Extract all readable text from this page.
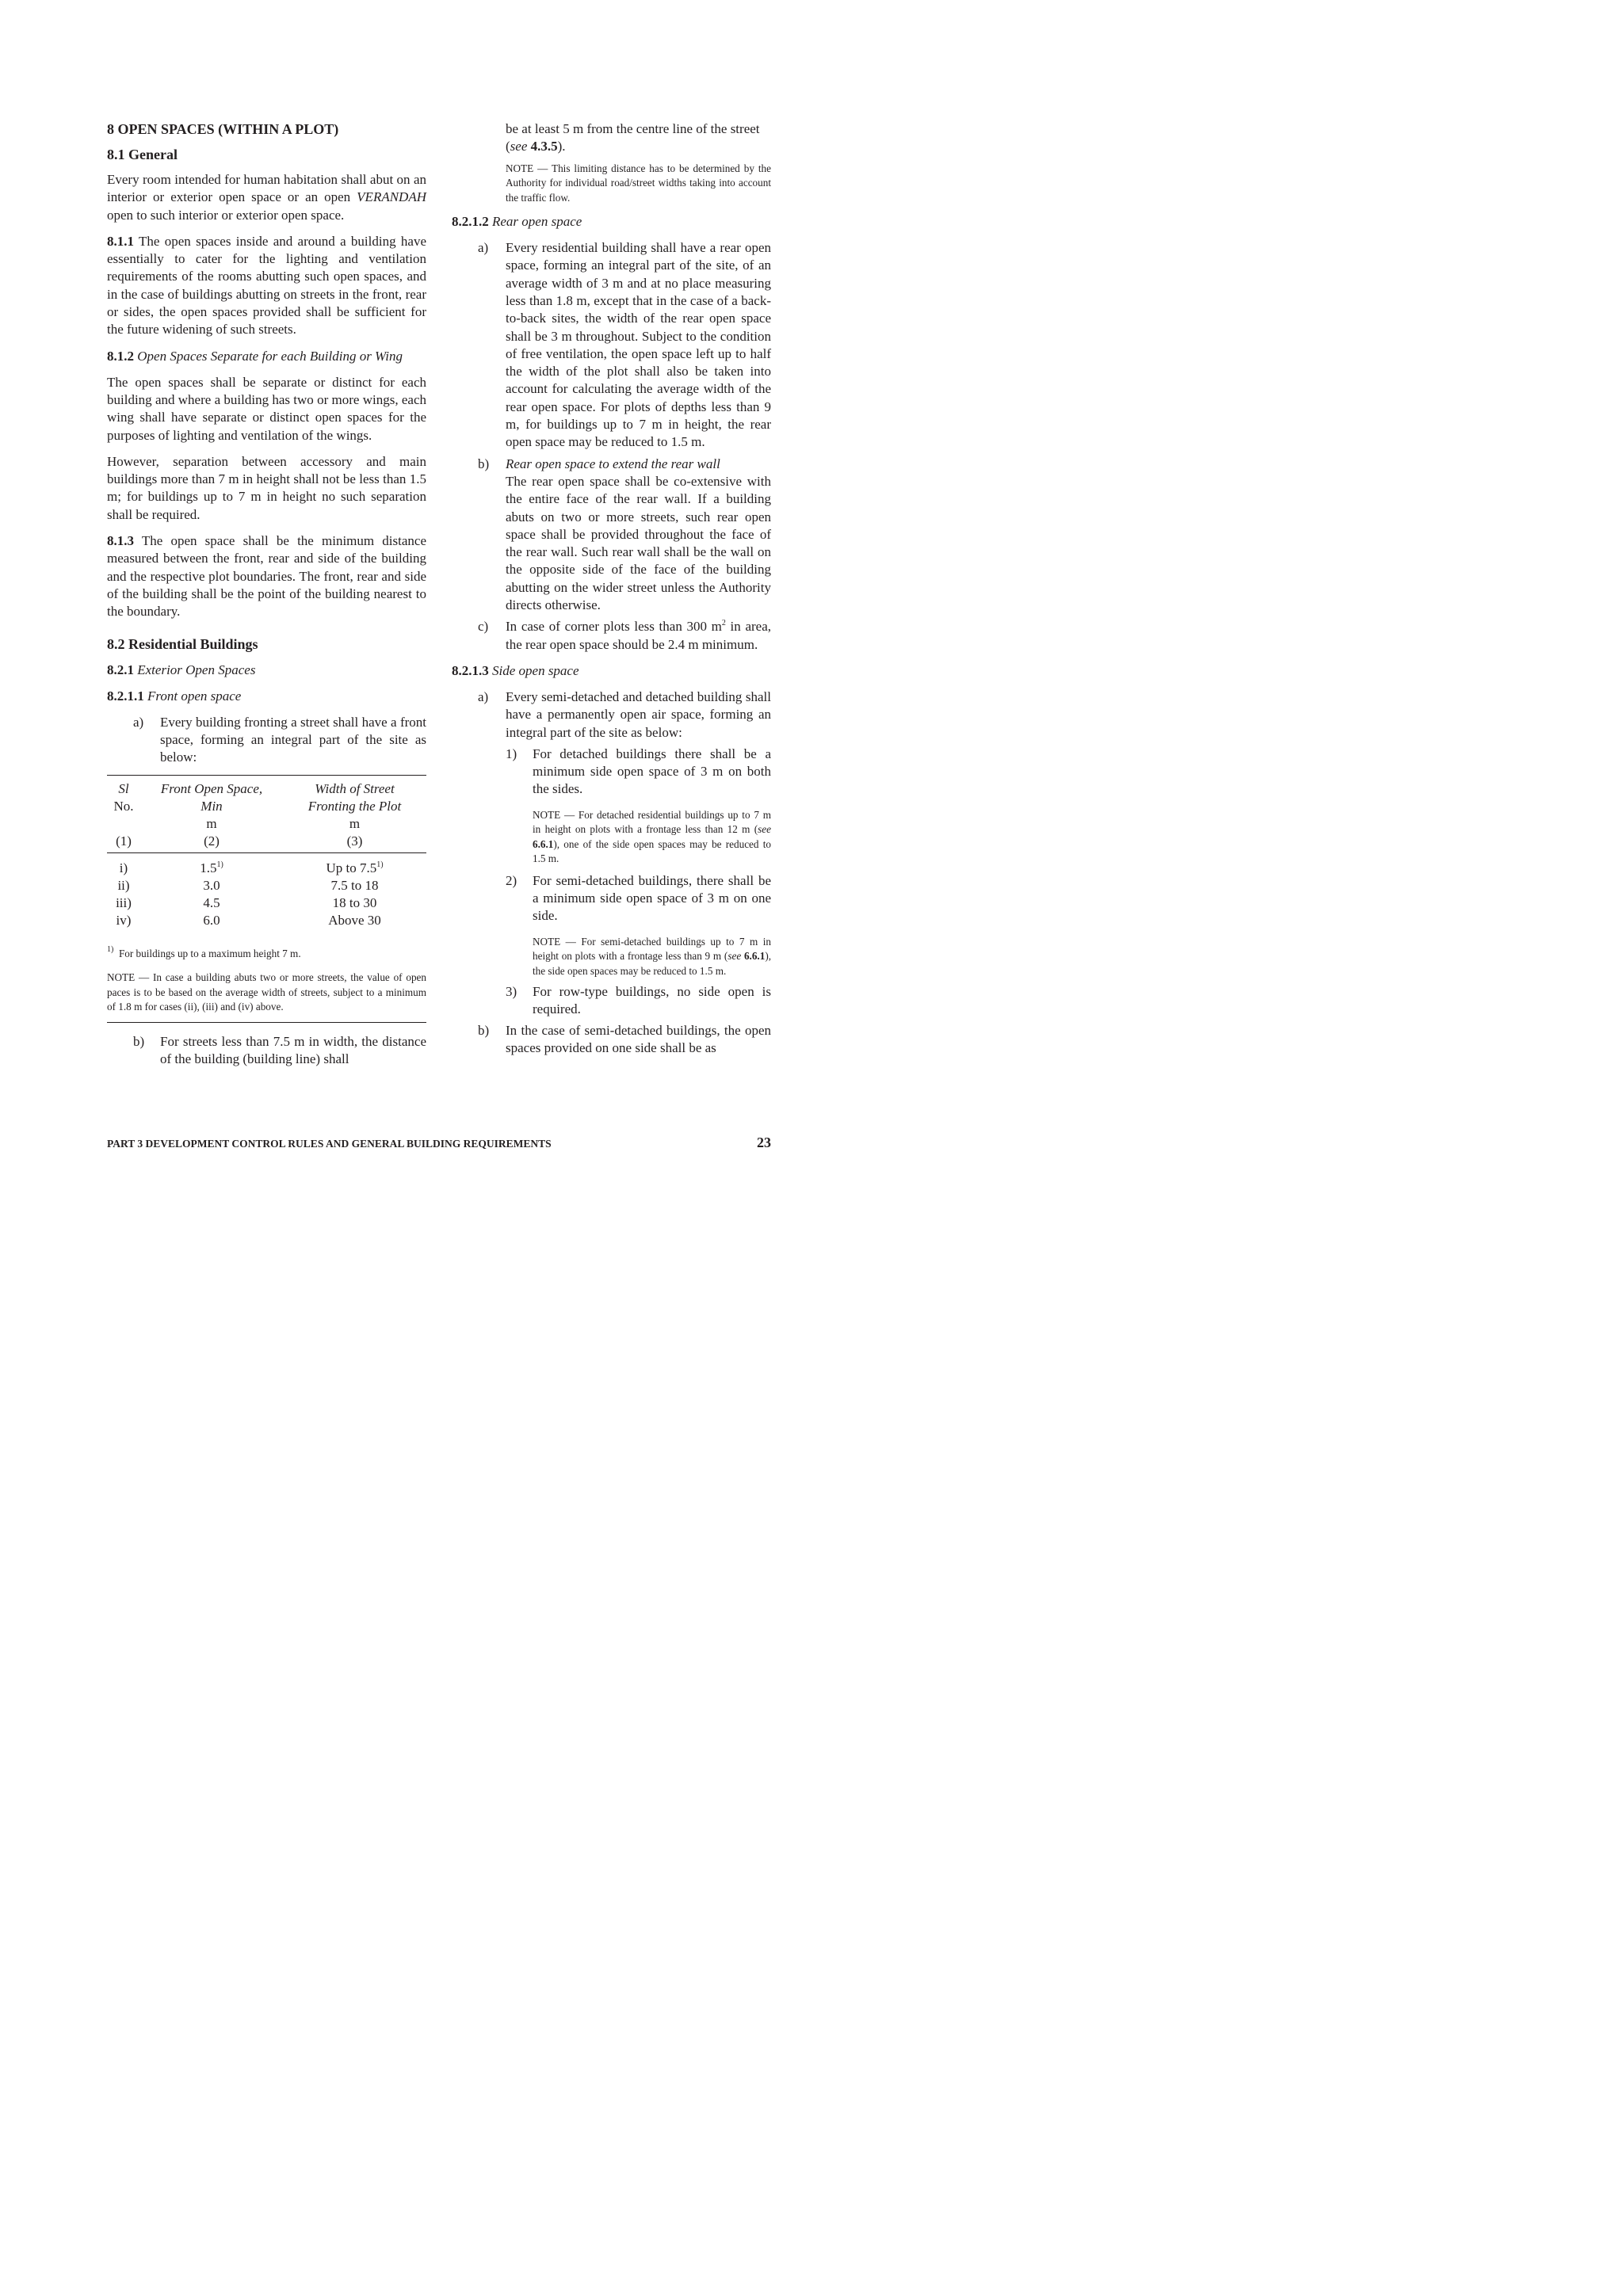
8 OPEN SPACES (WITHIN A PLOT)

8.1 General

Every room intended for human habitation shall abut on an interior or exterior open space or an open VERANDAH open to such interior or exterior open space.

8.1.1 The open spaces inside and around a building have essentially to cater for the lighting and ventilation requirements of the rooms abutting such open spaces, and in the case of buildings abutting on streets in the front, rear or sides, the open spaces provided shall be sufficient for the future widening of such streets.

8.1.2 Open Spaces Separate for each Building or Wing

The open spaces shall be separate or distinct for each building and where a building has two or more wings, each wing shall have separate or distinct open spaces for the purposes of lighting and ventilation of the wings.

However, separation between accessory and main buildings more than 7 m in height shall not be less than 1.5 m; for buildings up to 7 m in height no such separation shall be required.

8.1.3 The open space shall be the minimum distance measured between the front, rear and side of the building and the respective plot boundaries. The front, rear and side of the building shall be the point of the building nearest to the boundary.

8.2 Residential Buildings

8.2.1 Exterior Open Spaces

8.2.1.1 Front open space

a)	Every building fronting a street shall have a front space, forming an integral part of the site as below:

Sl	Front Open Space,	Width of Street
No.	Min	Fronting the Plot
	m	m
(1)	(2)	(3)
i)	1.5$^{1)}$	Up to 7.5$^{1)}$
ii)	3.0	7.5 to 18
iii)	4.5	18 to 30
iv)	6.0	Above 30
$^{1)}$ For buildings up to a maximum height 7 m.

NOTE — In case a building abuts two or more streets, the value of open paces is to be based on the average width of streets, subject to a minimum of 1.8 m for cases (ii), (iii) and (iv) above.

b)	For streets less than 7.5 m in width, the distance of the building (building line) shall

be at least 5 m from the centre line of the street (see 4.3.5).

NOTE — This limiting distance has to be determined by the Authority for individual road/street widths taking into account the traffic flow.

8.2.1.2 Rear open space

a)	Every residential building shall have a rear open space, forming an integral part of the site, of an average width of 3 m and at no place measuring less than 1.8 m, except that in the case of a back-to-back sites, the width of the rear open space shall be 3 m throughout. Subject to the condition of free ventilation, the open space left up to half the width of the plot shall also be taken into account for calculating the average width of the rear open space. For plots of depths less than 9 m, for buildings up to 7 m in height, the rear open space may be reduced to 1.5 m.
b)	Rear open space to extend the rear wall

The rear open space shall be co-extensive with the entire face of the rear wall. If a building abuts on two or more streets, such rear open space shall be provided throughout the face of the rear wall. Such rear wall shall be the wall on the opposite side of the face of the building abutting on the wider street unless the Authority directs otherwise.

c)	In case of corner plots less than 300 $m^2$ in area, the rear open space should be 2.4 m minimum.

8.2.1.3 Side open space

a)	Every semi-detached and detached building shall have a permanently open air space, forming an integral part of the site as below:
1)	For detached buildings there shall be a minimum side open space of 3 m on both the sides.

NOTE — For detached residential buildings up to 7 m in height on plots with a frontage less than 12 m (see 6.6.1), one of the side open spaces may be reduced to 1.5 m.

2)	For semi-detached buildings, there shall be a minimum side open space of 3 m on one side.

NOTE — For semi-detached buildings up to 7 m in height on plots with a frontage less than 9 m (see 6.6.1), the side open spaces may be reduced to 1.5 m.

3)	For row-type buildings, no side open is required.
b)	In the case of semi-detached buildings, the open spaces provided on one side shall be as
PART 3 DEVELOPMENT CONTROL RULES AND GENERAL BUILDING REQUIREMENTS	23
